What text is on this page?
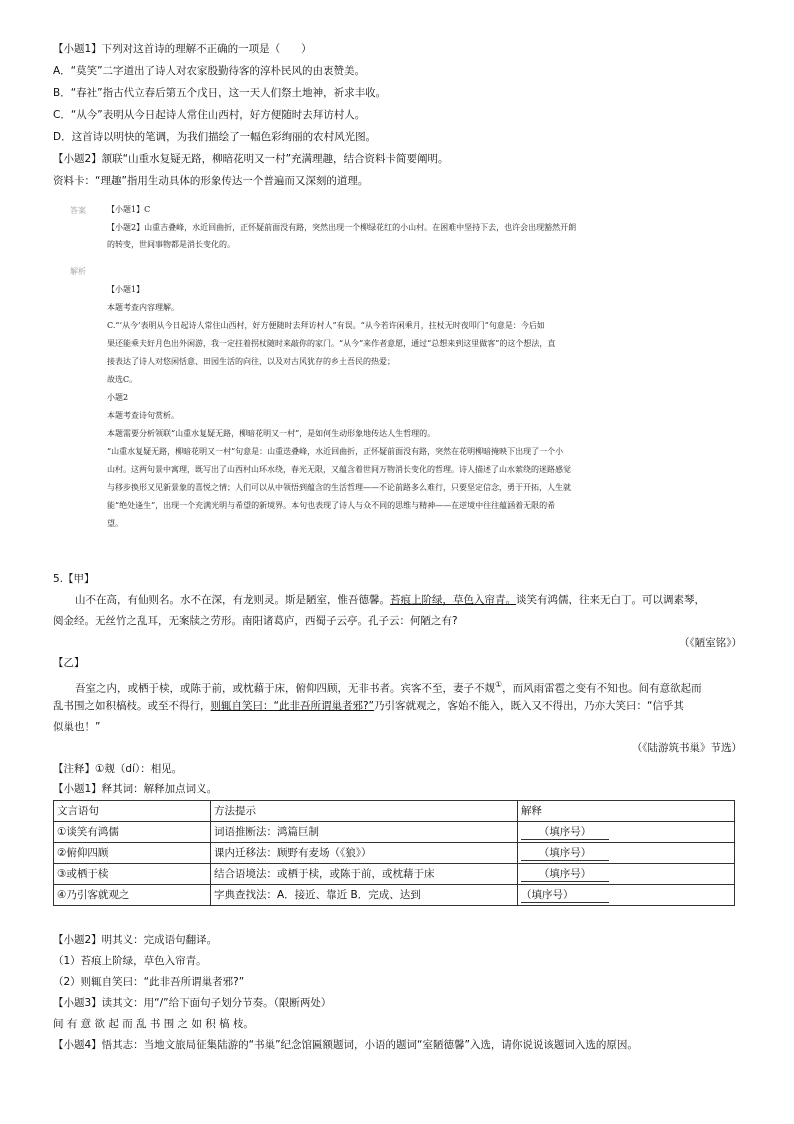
【小题1】下列对这首诗的理解不正确的一项是（　　）
A．“莫笑”二字道出了诗人对农家殷勤待客的淳朴民风的由衷赞美。
B．“春社”指古代立春后第五个戊日，这一天人们祭土地神，祈求丰收。
C．“从今”表明从今日起诗人常住山西村，好方便随时去拜访村人。
D．这首诗以明快的笔调，为我们描绘了一幅色彩绚丽的农村风光图。
【小题2】颔联“山重水复疑无路，柳暗花明又一村”充满理趣，结合资料卡简要阐明。
资料卡：“理趣”指用生动具体的形象传达一个普遍而又深刻的道理。
答案	【小题1】C
【小题2】山重吉叠峰，水近回曲折，正怀疑前面没有路，突然出现一个柳绿花红的小山村。在困难中坚持下去，也许会出现豁然开朗
的转变，世间事物都是消长变化的。
解析
【小题1】
本题考查内容理解。
C.“‘从今’表明从今日起诗人常住山西村，好方便随时去拜访村人”有误。“从今若许闲乘月，拄杖无时夜叩门”句意是：今后如
果还能乘夫好月色出外闲游，我一定拄着拐杖随时来敲你的家门。“从今”来作者意愿，通过“总想来到这里做客”的这个想法，直
接表达了诗人对悠闲恬意、田园生活的向往，以及对古风犹存的乡土吾民的热爱；
故选C。
小题2
本题考查诗句赏析。
本题需要分析领联“山重水复疑无路，柳暗花明又一村”，是如何生动形象地传达人生哲理的。
“山重水复疑无路，柳暗花明又一村”句意是：山重迭叠峰，水近回曲折，正怀疑前面没有路，突然在花明柳暗掩映下出现了一个小
山村。这两句景中寓理，既写出了山西村山环水绕，春光无限，又蕴含着世间万物消长变化的哲理。诗人描述了山水萦绕的迷路感觉
与移步换形又见新景象的喜悦之情；人们可以从中领悟到蕴含的生活哲理——不论前路多么难行，只要坚定信念，勇于开拓，人生就
能“绝处逢生”，出现一个充满光明与希望的新境界。本句也表现了诗人与众不同的思维与精神——在逆境中往往蕴涵着无限的希
望。
5.【甲】
山不在高，有仙则名。水不在深，有龙则灵。斯是陋室，惟吾德馨。苔痕上阶绿，草色入帘青。谈笑有鸿儒，往来无白丁。可以调素琴，
阅金经。无丝竹之乱耳，无案牍之劳形。南阳诸葛庐，西蜀子云亭。孔子云：何陋之有?
（《陋室铭》）
【乙】
吾室之内，或栖于椟，或陈于前，或枕藉于床，俯仰四顾，无非书者。宾客不至，妻子不觌①，而风雨雷雹之变有不知也。间有意欲起而
乱书围之如积槁枝。或至不得行，则辄自笑曰：“此非吾所谓巢者邪?”乃引客就观之，客始不能入，既入又不得出，乃亦大笑曰：“信乎其
似巢也！”
（《陆游筑书巢》节选）
【注释】①觌（dí）：相见。
【小题1】释其词：解释加点词义。
文言语句	方法提示	解释
①谈笑有鸿儒	词语推断法：鸿篇巨制	（填序号）
②俯仰四顾	课内迁移法：顾野有麦场（《狼》）	（填序号）
③或栖于椟	结合语境法：或栖于椟，或陈于前，或枕藉于床	（填序号）
④乃引客就观之	字典查找法：A．接近、靠近 B．完成、达到	（填序号）
【小题2】明其义：完成语句翻译。
（1）苔痕上阶绿，草色入帘青。
（2）则辄自笑曰：“此非吾所谓巢者邪?”
【小题3】读其文：用“/”给下面句子划分节奏。（限断两处）
间 有 意 欲 起 而 乱 书 围 之 如 积 槁 枝。
【小题4】悟其志：当地文旅局征集陆游的“书巢”纪念馆匾额题词，小语的题词“室陋德馨”入选，请你说说该题词入选的原因。
